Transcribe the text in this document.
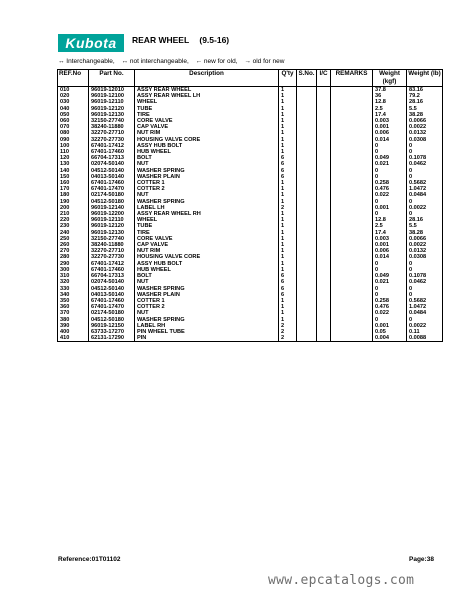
Kubota	REAR WHEEL (9.5-16)
↔ Interchangeable, ↔ not interchangeable, ← new for old, → old for new
REF.No	Part No.	Description	Q'ty	S.No.	I/C	REMARKS	Weight (kgf)	Weight (lb)
010	96019-12010	ASSY REAR WHEEL	1				37.8	83.16
020	96019-12100	ASSY REAR WHEEL LH	1				36	79.2
030	96019-12110	WHEEL	1				12.8	28.16
040	96019-12120	TUBE	1				2.5	5.5
050	96019-12130	TIRE	1				17.4	38.28
060	32150-27740	CORE VALVE	1				0.003	0.0066
070	38240-11880	CAP VALVE	1				0.001	0.0022
080	32270-27710	NUT RIM	1				0.006	0.0132
090	32270-27730	HOUSING VALVE CORE	1				0.014	0.0308
100	67401-17412	ASSY HUB BOLT	1				0	0
110	67401-17460	HUB WHEEL	1				0	0
120	66704-17313	BOLT	6				0.049	0.1078
130	02074-50140	NUT	6				0.021	0.0462
140	04512-50140	WASHER SPRING	6				0	0
150	04013-50140	WASHER PLAIN	6				0	0
160	67401-17460	COTTER 1	1				0.258	0.5682
170	67401-17470	COTTER 2	1				0.476	1.0472
180	02174-50180	NUT	1				0.022	0.0484
190	04512-50180	WASHER SPRING	1				0	0
200	96019-12140	LABEL LH	2				0.001	0.0022
210	96019-12200	ASSY REAR WHEEL RH	1				0	0
220	96019-12110	WHEEL	1				12.8	28.16
230	96019-12120	TUBE	1				2.5	5.5
240	96019-12130	TIRE	1				17.4	38.28
250	32150-27740	CORE VALVE	1				0.003	0.0066
260	38240-11880	CAP VALVE	1				0.001	0.0022
270	32270-27710	NUT RIM	1				0.006	0.0132
280	32270-27730	HOUSING VALVE CORE	1				0.014	0.0308
290	67401-17412	ASSY HUB BOLT	1				0	0
300	67401-17460	HUB WHEEL	1				0	0
310	66704-17313	BOLT	6				0.049	0.1078
320	02074-50140	NUT	6				0.021	0.0462
330	04512-50140	WASHER SPRING	6				0	0
340	04013-50140	WASHER PLAIN	6				0	0
350	67401-17460	COTTER 1	1				0.258	0.5682
360	67401-17470	COTTER 2	1				0.476	1.0472
370	02174-50180	NUT	1				0.022	0.0484
380	04512-50180	WASHER SPRING	1				0	0
390	96019-12150	LABEL RH	2				0.001	0.0022
400	63733-17270	PIN WHEEL TUBE	2				0.05	0.11
410	62131-17290	PIN	2				0.004	0.0088
Reference:01T01102	Page:38
www.epcatalogs.com
